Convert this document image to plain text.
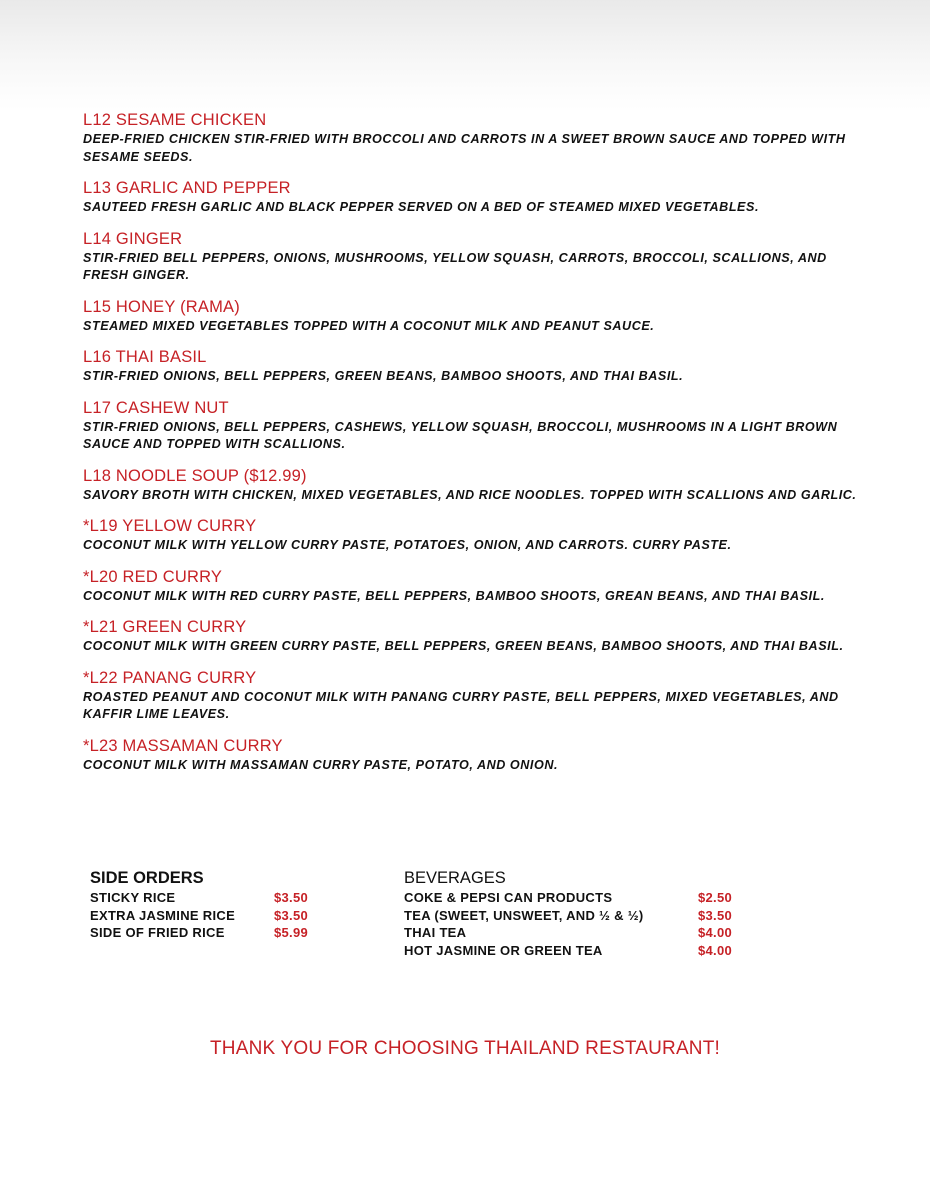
L12 SESAME CHICKEN
DEEP-FRIED CHICKEN STIR-FRIED WITH BROCCOLI AND CARROTS IN A SWEET BROWN SAUCE AND TOPPED WITH SESAME SEEDS.
L13 GARLIC AND PEPPER
SAUTEED FRESH GARLIC AND BLACK PEPPER SERVED ON A BED OF STEAMED MIXED VEGETABLES.
L14 GINGER
STIR-FRIED BELL PEPPERS, ONIONS, MUSHROOMS, YELLOW SQUASH, CARROTS, BROCCOLI, SCALLIONS, AND FRESH GINGER.
L15 HONEY (RAMA)
STEAMED MIXED VEGETABLES TOPPED WITH A COCONUT MILK AND PEANUT SAUCE.
L16 THAI BASIL
STIR-FRIED ONIONS, BELL PEPPERS, GREEN BEANS, BAMBOO SHOOTS, AND THAI BASIL.
L17 CASHEW NUT
STIR-FRIED ONIONS, BELL PEPPERS, CASHEWS, YELLOW SQUASH, BROCCOLI, MUSHROOMS IN A LIGHT BROWN SAUCE AND TOPPED WITH SCALLIONS.
L18 NOODLE SOUP ($12.99)
SAVORY BROTH WITH CHICKEN, MIXED VEGETABLES, AND RICE NOODLES. TOPPED WITH SCALLIONS AND GARLIC.
*L19 YELLOW CURRY
COCONUT MILK WITH YELLOW CURRY PASTE, POTATOES, ONION, AND CARROTS. CURRY PASTE.
*L20 RED CURRY
COCONUT MILK WITH RED CURRY PASTE, BELL PEPPERS, BAMBOO SHOOTS, GREAN BEANS, AND THAI BASIL.
*L21 GREEN CURRY
COCONUT MILK WITH GREEN CURRY PASTE, BELL PEPPERS, GREEN BEANS, BAMBOO SHOOTS, AND THAI BASIL.
*L22 PANANG CURRY
ROASTED PEANUT AND COCONUT MILK WITH PANANG CURRY PASTE, BELL PEPPERS, MIXED VEGETABLES, AND KAFFIR LIME LEAVES.
*L23 MASSAMAN CURRY
COCONUT MILK WITH MASSAMAN CURRY PASTE, POTATO, AND ONION.
SIDE ORDERS
STICKY RICE	$3.50
EXTRA JASMINE RICE	$3.50
SIDE OF FRIED RICE	$5.99
BEVERAGES
COKE & PEPSI CAN PRODUCTS	$2.50
TEA (SWEET, UNSWEET, AND ½ & ½)	$3.50
THAI TEA	$4.00
HOT JASMINE OR GREEN TEA	$4.00
THANK YOU FOR CHOOSING THAILAND RESTAURANT!
